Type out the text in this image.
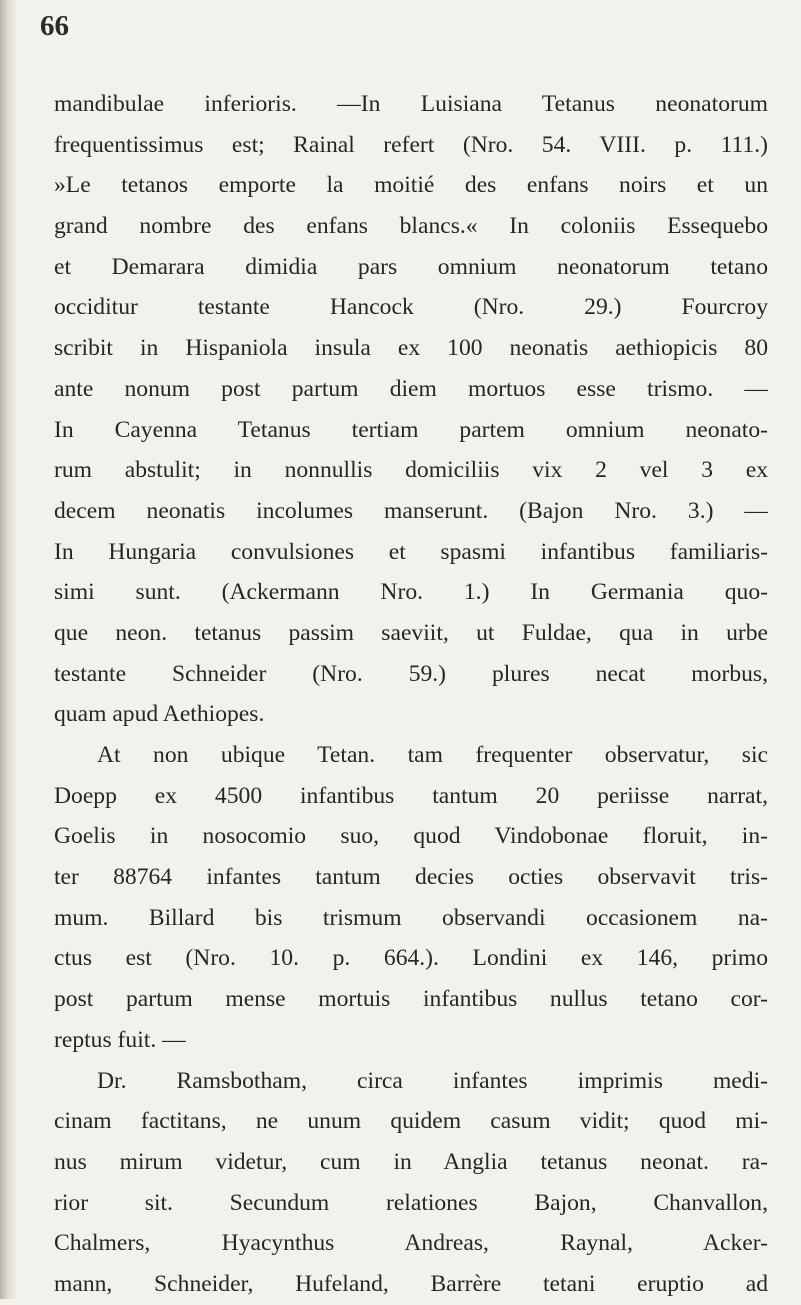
66
mandibulae inferioris. —In Luisiana Tetanus neonatorum
frequentissimus est; Rainal refert (Nro. 54. VIII. p. 111.)
»Le tetanos emporte la moitié des enfans noirs et un
grand nombre des enfans blancs.« In coloniis Essequebo
et Demarara dimidia pars omnium neonatorum tetano
occiditur testante Hancock (Nro. 29.) Fourcroy
scribit in Hispaniola insula ex 100 neonatis aethiopicis 80
ante nonum post partum diem mortuos esse trismo. —
In Cayenna Tetanus tertiam partem omnium neonato-
rum abstulit; in nonnullis domiciliis vix 2 vel 3 ex
decem neonatis incolumes manserunt. (Bajon Nro. 3.) —
In Hungaria convulsiones et spasmi infantibus familiaris-
simi sunt. (Ackermann Nro. 1.) In Germania quo-
que neon. tetanus passim saeviit, ut Fuldae, qua in urbe
testante Schneider (Nro. 59.) plures necat morbus,
quam apud Aethiopes.
At non ubique Tetan. tam frequenter observatur, sic
Doepp ex 4500 infantibus tantum 20 periisse narrat,
Goelis in nosocomio suo, quod Vindobonae floruit, in-
ter 88764 infantes tantum decies octies observavit tris-
mum. Billard bis trismum observandi occasionem na-
ctus est (Nro. 10. p. 664.). Londini ex 146, primo
post partum mense mortuis infantibus nullus tetano cor-
reptus fuit. —
Dr. Ramsbotham, circa infantes imprimis medi-
cinam factitans, ne unum quidem casum vidit; quod mi-
nus mirum videtur, cum in Anglia tetanus neonat. ra-
rior sit. Secundum relationes Bajon, Chanvallon,
Chalmers, Hyacynthus Andreas, Raynal, Acker-
mann, Schneider, Hufeland, Barrère tetani eruptio ad
